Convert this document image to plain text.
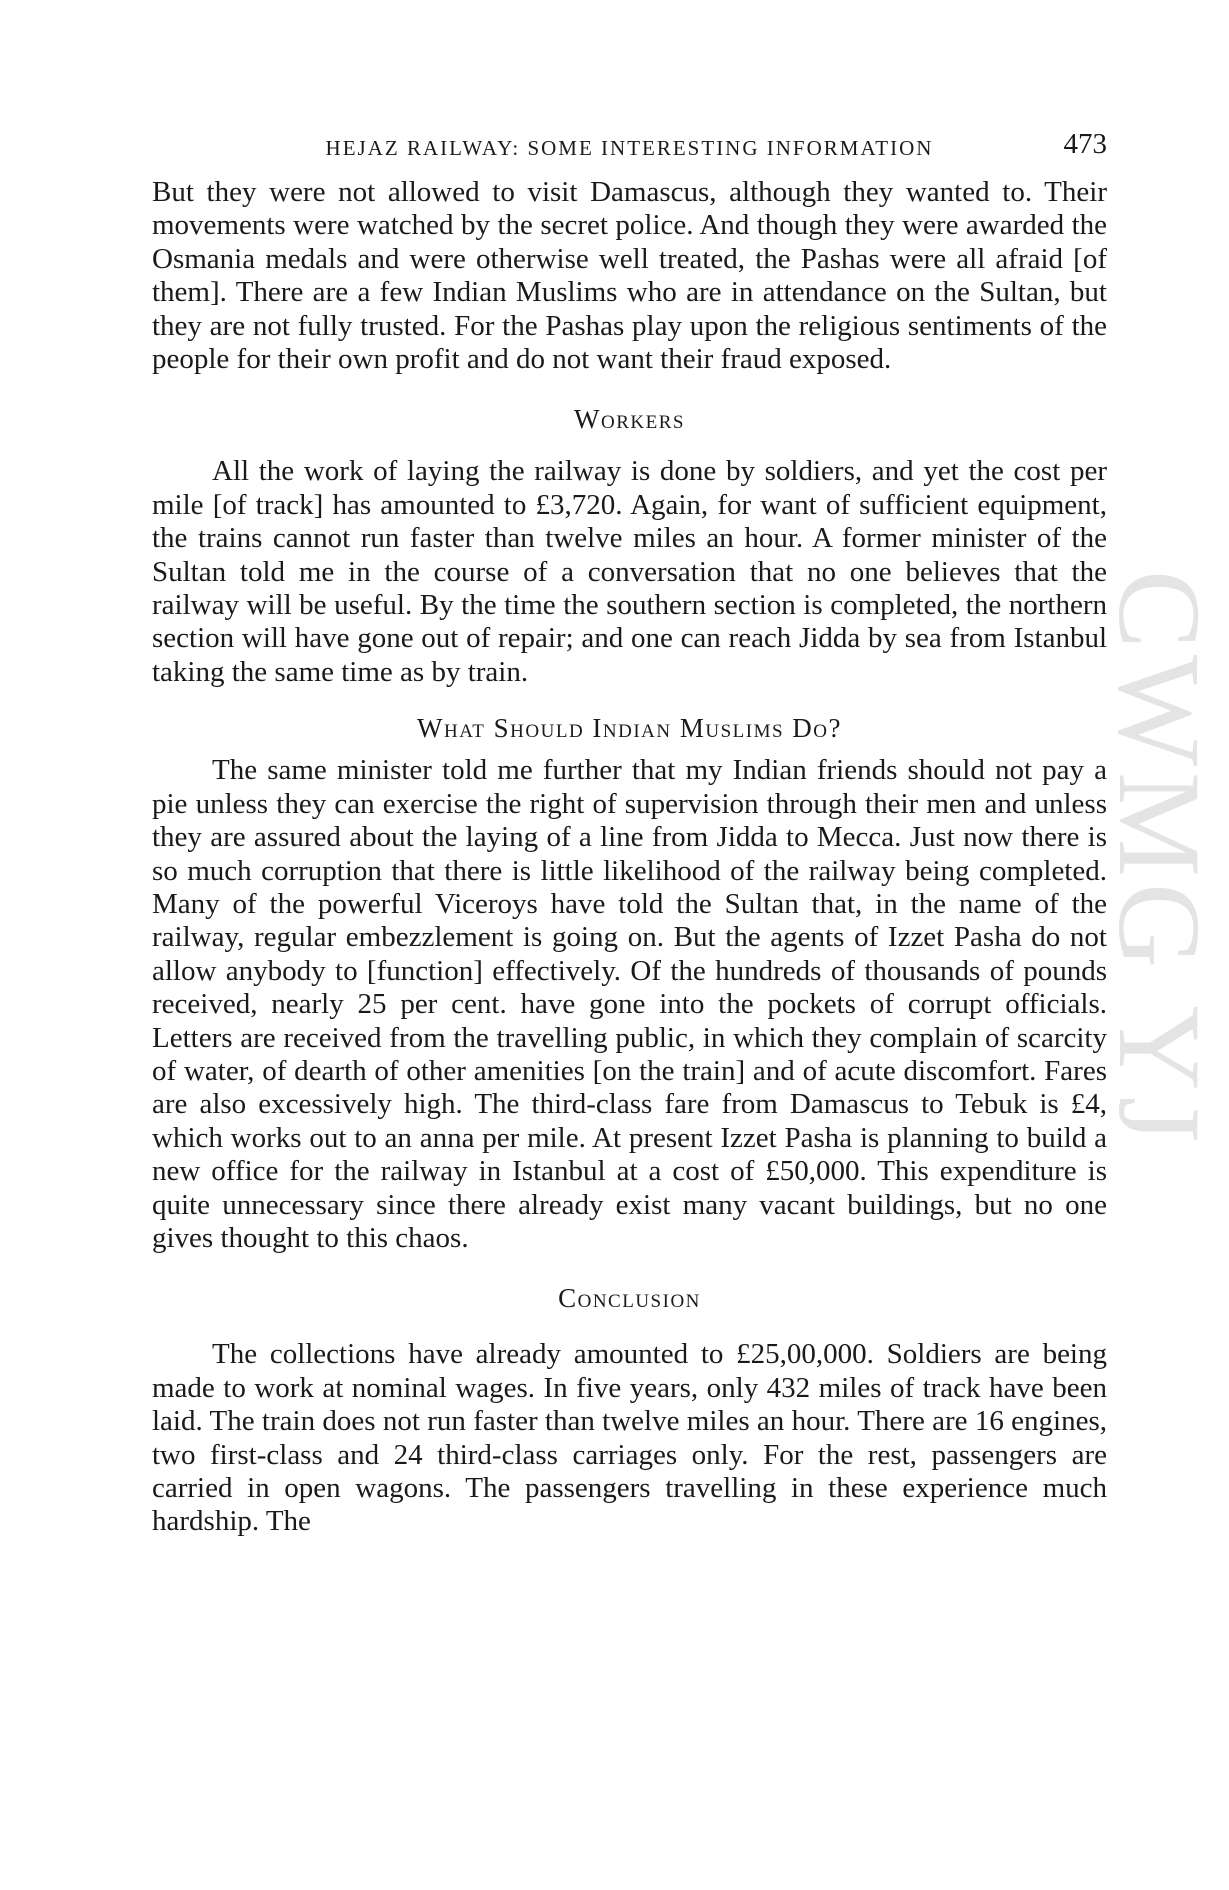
CWMG YJ
HEJAZ RAILWAY: SOME INTERESTING INFORMATION	473

But they were not allowed to visit Damascus, although they wanted to. Their movements were watched by the secret police. And though they were awarded the Osmania medals and were otherwise well treated, the Pashas were all afraid [of them]. There are a few Indian Muslims who are in attendance on the Sultan, but they are not fully trusted. For the Pashas play upon the religious sentiments of the people for their own profit and do not want their fraud exposed.

Workers

All the work of laying the railway is done by soldiers, and yet the cost per mile [of track] has amounted to £3,720. Again, for want of sufficient equipment, the trains cannot run faster than twelve miles an hour. A former minister of the Sultan told me in the course of a conversation that no one believes that the railway will be useful. By the time the southern section is completed, the northern section will have gone out of repair; and one can reach Jidda by sea from Istanbul taking the same time as by train.

What Should Indian Muslims Do?

The same minister told me further that my Indian friends should not pay a pie unless they can exercise the right of supervision through their men and unless they are assured about the laying of a line from Jidda to Mecca. Just now there is so much corruption that there is little likelihood of the railway being completed. Many of the powerful Viceroys have told the Sultan that, in the name of the railway, regular embezzlement is going on. But the agents of Izzet Pasha do not allow anybody to [function] effectively. Of the hundreds of thousands of pounds received, nearly 25 per cent. have gone into the pockets of corrupt officials. Letters are received from the travelling public, in which they complain of scarcity of water, of dearth of other amenities [on the train] and of acute discomfort. Fares are also excessively high. The third-class fare from Damascus to Tebuk is £4, which works out to an anna per mile. At present Izzet Pasha is planning to build a new office for the railway in Istanbul at a cost of £50,000. This expenditure is quite unnecessary since there already exist many vacant buildings, but no one gives thought to this chaos.

Conclusion

The collections have already amounted to £25,00,000. Soldiers are being made to work at nominal wages. In five years, only 432 miles of track have been laid. The train does not run faster than twelve miles an hour. There are 16 engines, two first-class and 24 third-class carriages only. For the rest, passengers are carried in open wagons. The passengers travelling in these experience much hardship. The
